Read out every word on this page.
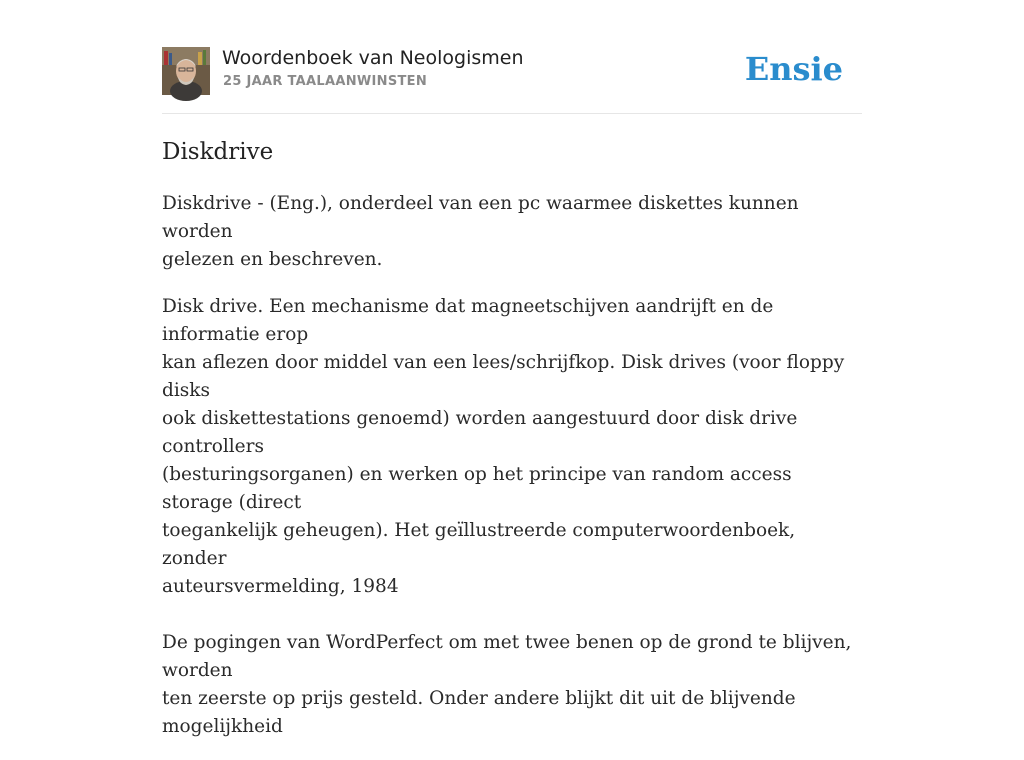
Woordenboek van Neologismen
25 JAAR TAALAANWINSTEN	Ensie
Diskdrive

Diskdrive - (Eng.), onderdeel van een pc waarmee diskettes kunnen worden
gelezen en beschreven.

Disk drive. Een mechanisme dat magneetschijven aandrijft en de informatie erop
kan aflezen door middel van een lees/schrijfkop. Disk drives (voor floppy disks
ook diskettestations genoemd) worden aangestuurd door disk drive controllers
(besturingsorganen) en werken op het principe van random access storage (direct
toegankelijk geheugen). Het geïllustreerde computerwoordenboek, zonder
auteursvermelding, 1984

De pogingen van WordPerfect om met twee benen op de grond te blijven, worden
ten zeerste op prijs gesteld. Onder andere blijkt dit uit de blijvende mogelijkheid
